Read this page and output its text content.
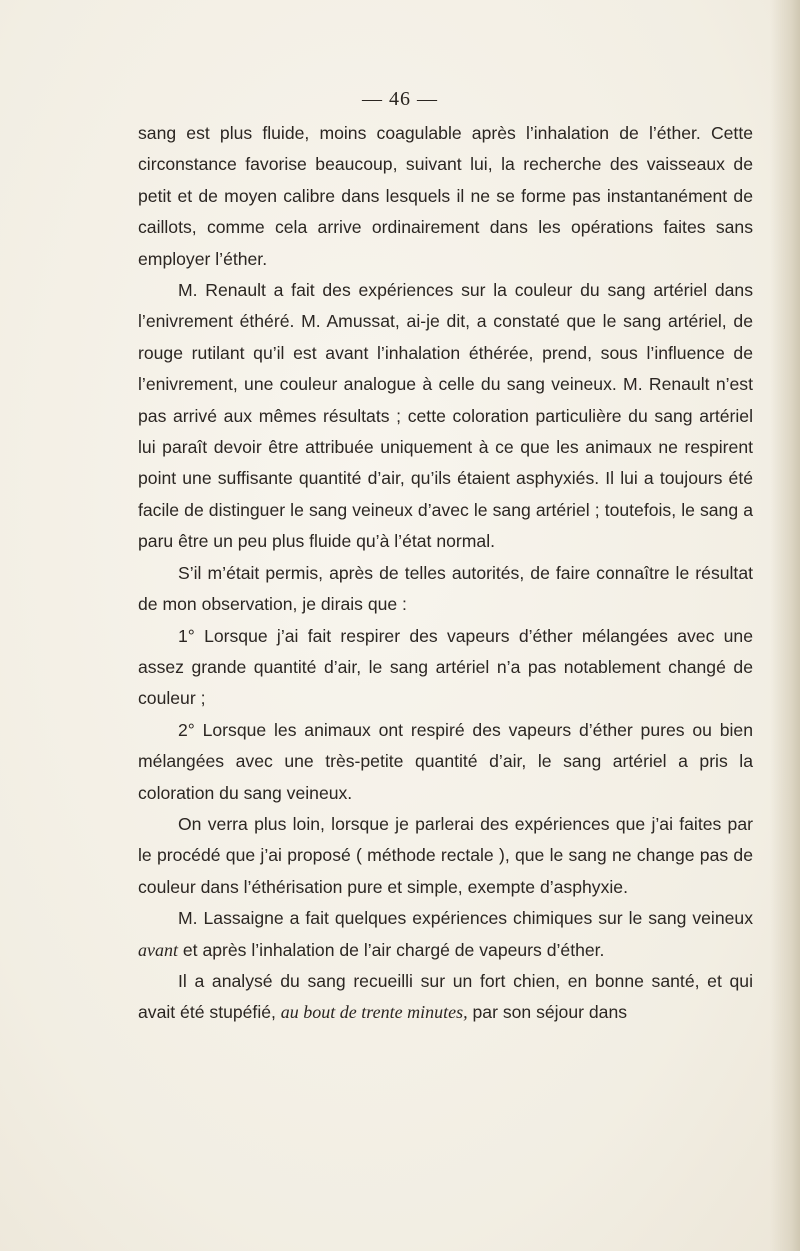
— 46 —

sang est plus fluide, moins coagulable après l’inhalation de l’éther. Cette circonstance favorise beaucoup, suivant lui, la recherche des vaisseaux de petit et de moyen calibre dans lesquels il ne se forme pas instantanément de caillots, comme cela arrive ordinairement dans les opérations faites sans employer l’éther.

M. Renault a fait des expériences sur la couleur du sang artériel dans l’enivrement éthéré. M. Amussat, ai-je dit, a constaté que le sang artériel, de rouge rutilant qu’il est avant l’inhalation éthérée, prend, sous l’influence de l’enivrement, une couleur analogue à celle du sang veineux. M. Renault n’est pas arrivé aux mêmes résultats ; cette coloration particulière du sang artériel lui paraît devoir être attribuée uniquement à ce que les animaux ne respirent point une suffisante quantité d’air, qu’ils étaient asphyxiés. Il lui a toujours été facile de distinguer le sang veineux d’avec le sang artériel ; toutefois, le sang a paru être un peu plus fluide qu’à l’état normal.

S’il m’était permis, après de telles autorités, de faire connaître le résultat de mon observation, je dirais que :

1° Lorsque j’ai fait respirer des vapeurs d’éther mélangées avec une assez grande quantité d’air, le sang artériel n’a pas notablement changé de couleur ;

2° Lorsque les animaux ont respiré des vapeurs d’éther pures ou bien mélangées avec une très-petite quantité d’air, le sang artériel a pris la coloration du sang veineux.

On verra plus loin, lorsque je parlerai des expériences que j’ai faites par le procédé que j’ai proposé ( méthode rectale ), que le sang ne change pas de couleur dans l’éthérisation pure et simple, exempte d’asphyxie.

M. Lassaigne a fait quelques expériences chimiques sur le sang veineux avant et après l’inhalation de l’air chargé de vapeurs d’éther.

Il a analysé du sang recueilli sur un fort chien, en bonne santé, et qui avait été stupéfié, au bout de trente minutes, par son séjour dans
